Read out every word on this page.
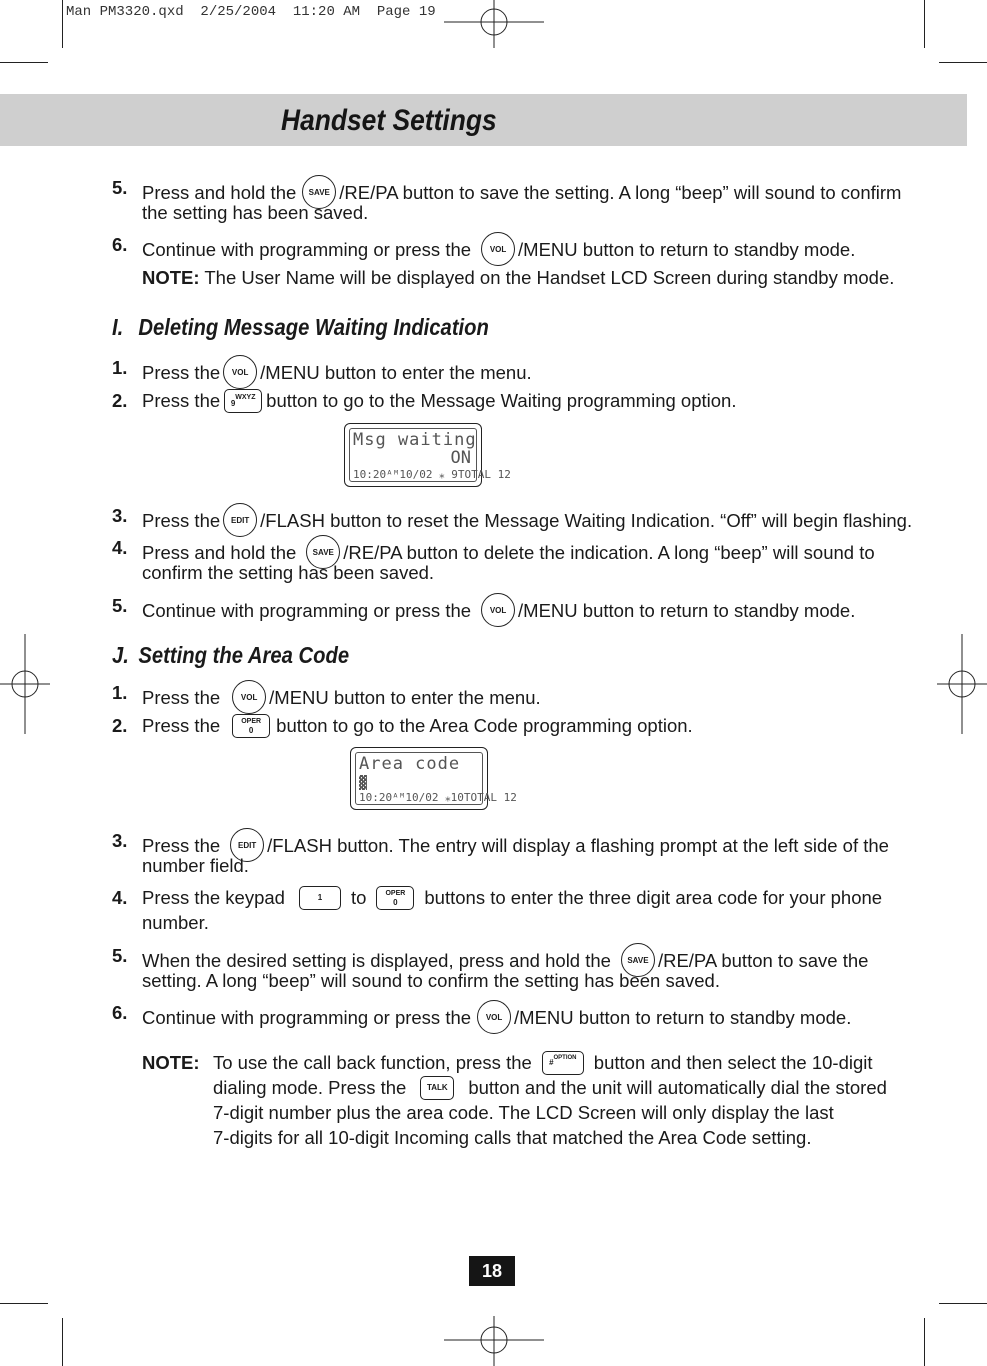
Man PM3320.qxd  2/25/2004  11:20 AM  Page 19
Handset Settings
5. Press and hold the	SAVE /RE/PA button to save the setting. A long “beep” will sound to confirm
the setting has been saved.
6. Continue with programming or press the	VOL /MENU button to return to standby mode.
NOTE: The User Name will be displayed on the Handset LCD Screen during standby mode.
I. Deleting Message Waiting Indication
1. Press the	VOL /MENU button to enter the menu.
2. Press the 9
WXYZ button to go to the Message Waiting programming option.
Msg waiting
ON
10:20ᴬᴹ10/02 ⁎ 9TOTAL 12
3. Press the	EDIT /FLASH button to reset the Message Waiting Indication. “Off” will begin flashing.
4. Press and hold the	SAVE /RE/PA button to delete the indication. A long “beep” will sound to
confirm the setting has been saved.
5. Continue with programming or press the	VOL /MENU button to return to standby mode.
J. Setting the Area Code
1. Press the	VOL /MENU button to enter the menu.
2. Press the	OPER
0 button to go to the Area Code programming option.
Area code
▓
10:20ᴬᴹ10/02 ⁎10TOTAL 12
3. Press the	EDIT /FLASH button. The entry will display a flashing prompt at the left side of the
number field.
4. Press the keypad	1	to	OPER
0 buttons to enter the three digit area code for your phone
number.
5. When the desired setting is displayed, press and hold the	SAVE /RE/PA button to save the
setting. A long “beep” will sound to confirm the setting has been saved.
6. Continue with programming or press the	VOL /MENU button to return to standby mode.
NOTE: To use the call back function, press the # OPTION button and then select the 10-digit
dialing mode. Press the	TALK	button and the unit will automatically dial the stored
7-digit number plus the area code. The LCD Screen will only display the last
7-digits for all 10-digit Incoming calls that matched the Area Code setting.
18
